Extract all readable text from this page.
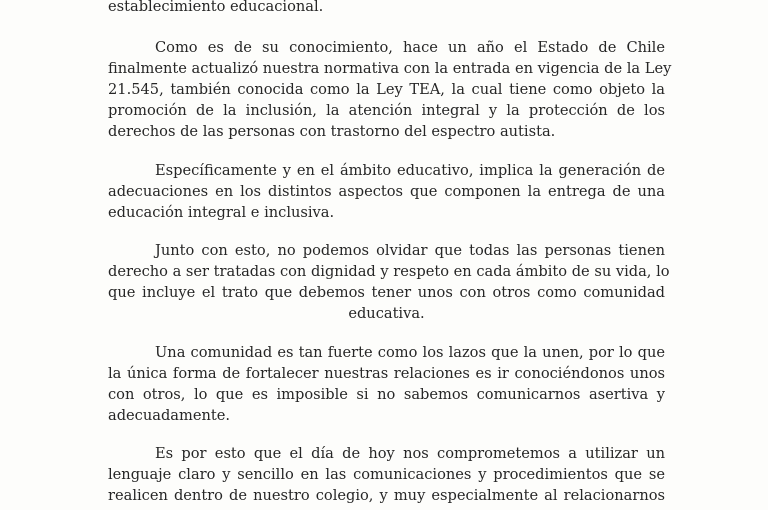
establecimiento educacional.
Como es de su conocimiento, hace un año el Estado de Chile
finalmente actualizó nuestra normativa con la entrada en vigencia de la Ley
21.545, también conocida como la Ley TEA, la cual tiene como objeto la
promoción de la inclusión, la atención integral y la protección de los
derechos de las personas con trastorno del espectro autista.
Específicamente y en el ámbito educativo, implica la generación de
adecuaciones en los distintos aspectos que componen la entrega de una
educación integral e inclusiva.
Junto con esto, no podemos olvidar que todas las personas tienen
derecho a ser tratadas con dignidad y respeto en cada ámbito de su vida, lo
que incluye el trato que debemos tener unos con otros como comunidad
educativa.
Una comunidad es tan fuerte como los lazos que la unen, por lo que
la única forma de fortalecer nuestras relaciones es ir conociéndonos unos
con otros, lo que es imposible si no sabemos comunicarnos asertiva y
adecuadamente.
Es por esto que el día de hoy nos comprometemos a utilizar un
lenguaje claro y sencillo en las comunicaciones y procedimientos que se
realicen dentro de nuestro colegio, y muy especialmente al relacionarnos
